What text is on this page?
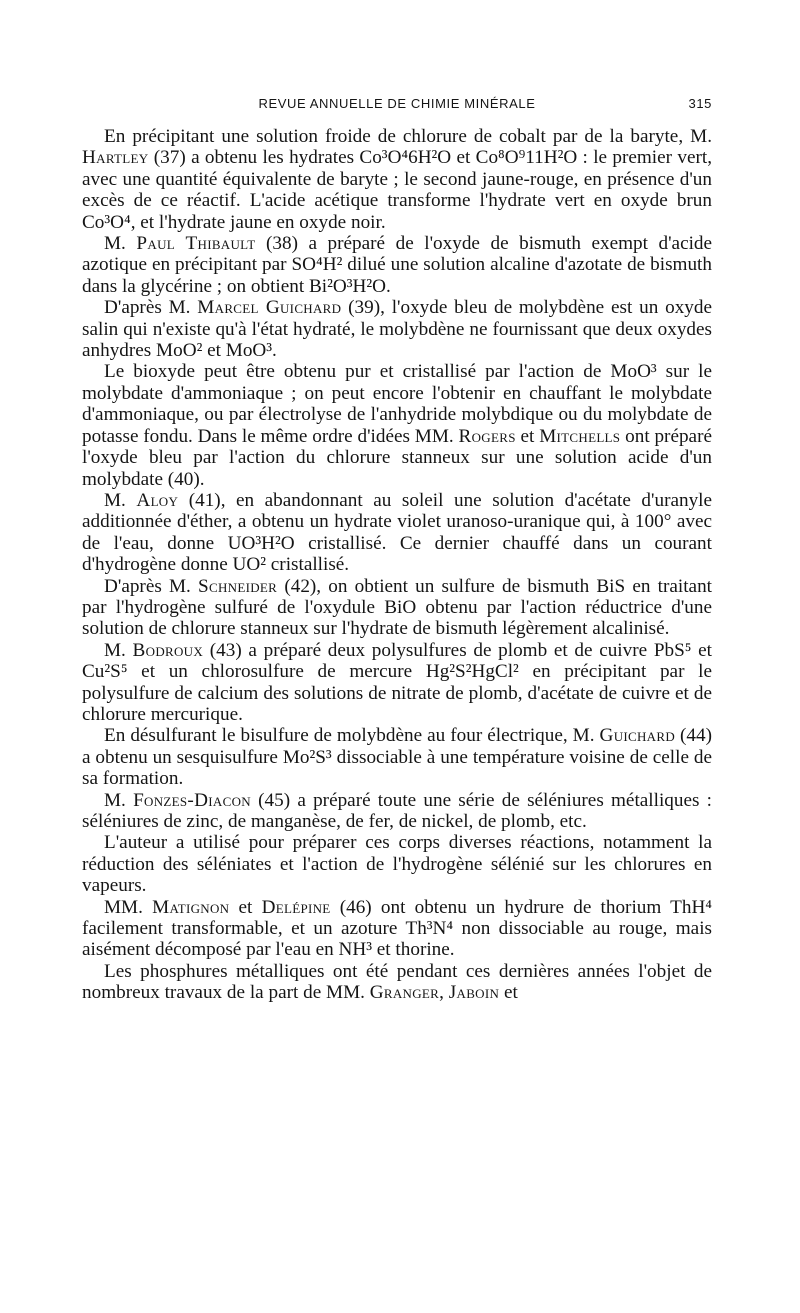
REVUE ANNUELLE DE CHIMIE MINÉRALE	315

En précipitant une solution froide de chlorure de cobalt par de la baryte, M. Hartley (37) a obtenu les hydrates Co³O⁴6H²O et Co⁸O⁹11H²O : le premier vert, avec une quantité équivalente de baryte ; le second jaune-rouge, en présence d'un excès de ce réactif. L'acide acétique transforme l'hydrate vert en oxyde brun Co³O⁴, et l'hydrate jaune en oxyde noir.

M. Paul Thibault (38) a préparé de l'oxyde de bismuth exempt d'acide azotique en précipitant par SO⁴H² dilué une solution alcaline d'azotate de bismuth dans la glycérine ; on obtient Bi²O³H²O.

D'après M. Marcel Guichard (39), l'oxyde bleu de molybdène est un oxyde salin qui n'existe qu'à l'état hydraté, le molybdène ne fournissant que deux oxydes anhydres MoO² et MoO³.

Le bioxyde peut être obtenu pur et cristallisé par l'action de MoO³ sur le molybdate d'ammoniaque ; on peut encore l'obtenir en chauffant le molybdate d'ammoniaque, ou par électrolyse de l'anhydride molybdique ou du molybdate de potasse fondu. Dans le même ordre d'idées MM. Rogers et Mitchells ont préparé l'oxyde bleu par l'action du chlorure stanneux sur une solution acide d'un molybdate (40).

M. Aloy (41), en abandonnant au soleil une solution d'acétate d'uranyle additionnée d'éther, a obtenu un hydrate violet uranoso-uranique qui, à 100° avec de l'eau, donne UO³H²O cristallisé. Ce dernier chauffé dans un courant d'hydrogène donne UO² cristallisé.

D'après M. Schneider (42), on obtient un sulfure de bismuth BiS en traitant par l'hydrogène sulfuré de l'oxydule BiO obtenu par l'action réductrice d'une solution de chlorure stanneux sur l'hydrate de bismuth légèrement alcalinisé.

M. Bodroux (43) a préparé deux polysulfures de plomb et de cuivre PbS⁵ et Cu²S⁵ et un chlorosulfure de mercure Hg²S²HgCl² en précipitant par le polysulfure de calcium des solutions de nitrate de plomb, d'acétate de cuivre et de chlorure mercurique.

En désulfurant le bisulfure de molybdène au four électrique, M. Guichard (44) a obtenu un sesquisulfure Mo²S³ dissociable à une température voisine de celle de sa formation.

M. Fonzes-Diacon (45) a préparé toute une série de séléniures métalliques : séléniures de zinc, de manganèse, de fer, de nickel, de plomb, etc.

L'auteur a utilisé pour préparer ces corps diverses réactions, notamment la réduction des séléniates et l'action de l'hydrogène sélénié sur les chlorures en vapeurs.

MM. Matignon et Delépine (46) ont obtenu un hydrure de thorium ThH⁴ facilement transformable, et un azoture Th³N⁴ non dissociable au rouge, mais aisément décomposé par l'eau en NH³ et thorine.

Les phosphures métalliques ont été pendant ces dernières années l'objet de nombreux travaux de la part de MM. Granger, Jaboin et
